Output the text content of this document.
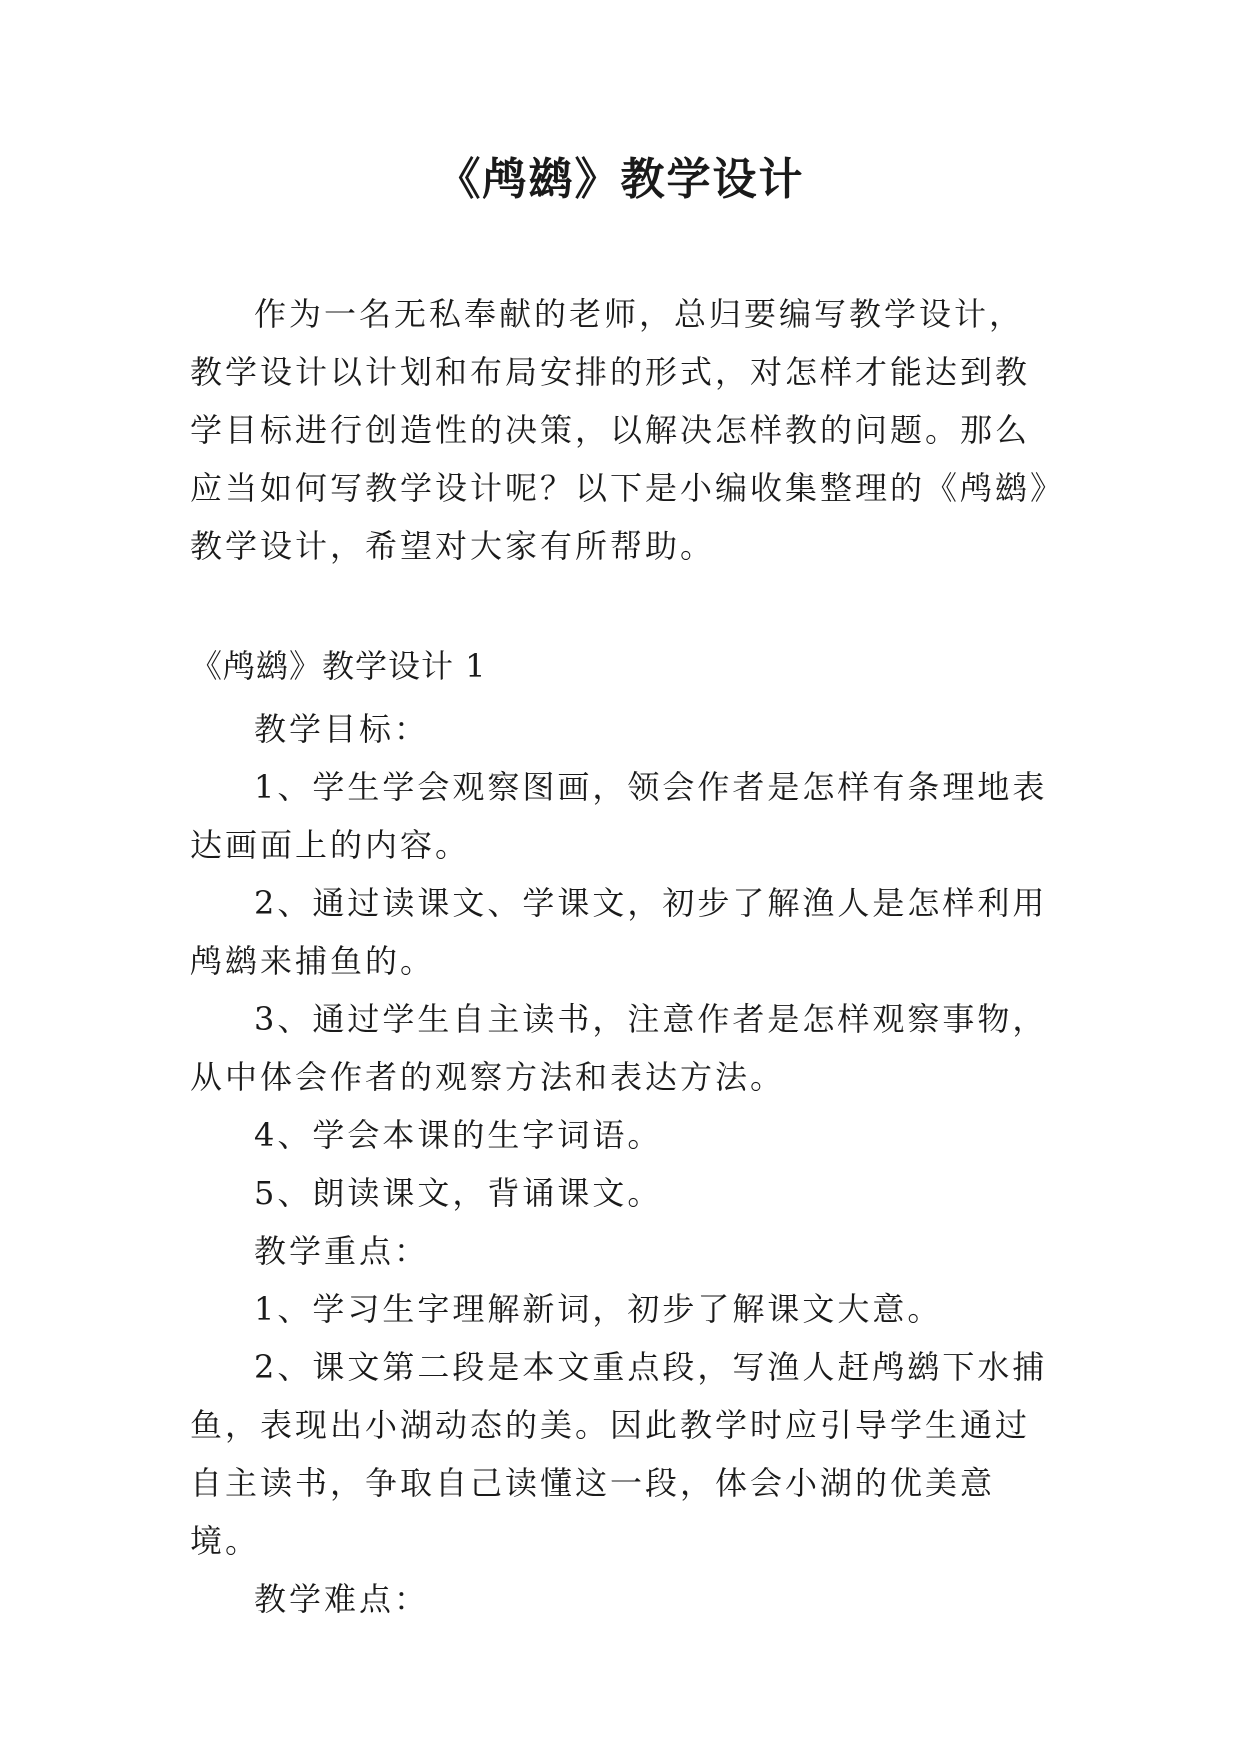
《鸬鹚》教学设计

作为一名无私奉献的老师，总归要编写教学设计，教学设计以计划和布局安排的形式，对怎样才能达到教学目标进行创造性的决策，以解决怎样教的问题。那么应当如何写教学设计呢？以下是小编收集整理的《鸬鹚》教学设计，希望对大家有所帮助。

《鸬鹚》教学设计 1

教学目标：

1、学生学会观察图画，领会作者是怎样有条理地表达画面上的内容。

2、通过读课文、学课文，初步了解渔人是怎样利用鸬鹚来捕鱼的。

3、通过学生自主读书，注意作者是怎样观察事物，从中体会作者的观察方法和表达方法。

4、学会本课的生字词语。

5、朗读课文，背诵课文。

教学重点：

1、学习生字理解新词，初步了解课文大意。

2、课文第二段是本文重点段，写渔人赶鸬鹚下水捕鱼，表现出小湖动态的美。因此教学时应引导学生通过自主读书，争取自己读懂这一段，体会小湖的优美意境。

教学难点：
